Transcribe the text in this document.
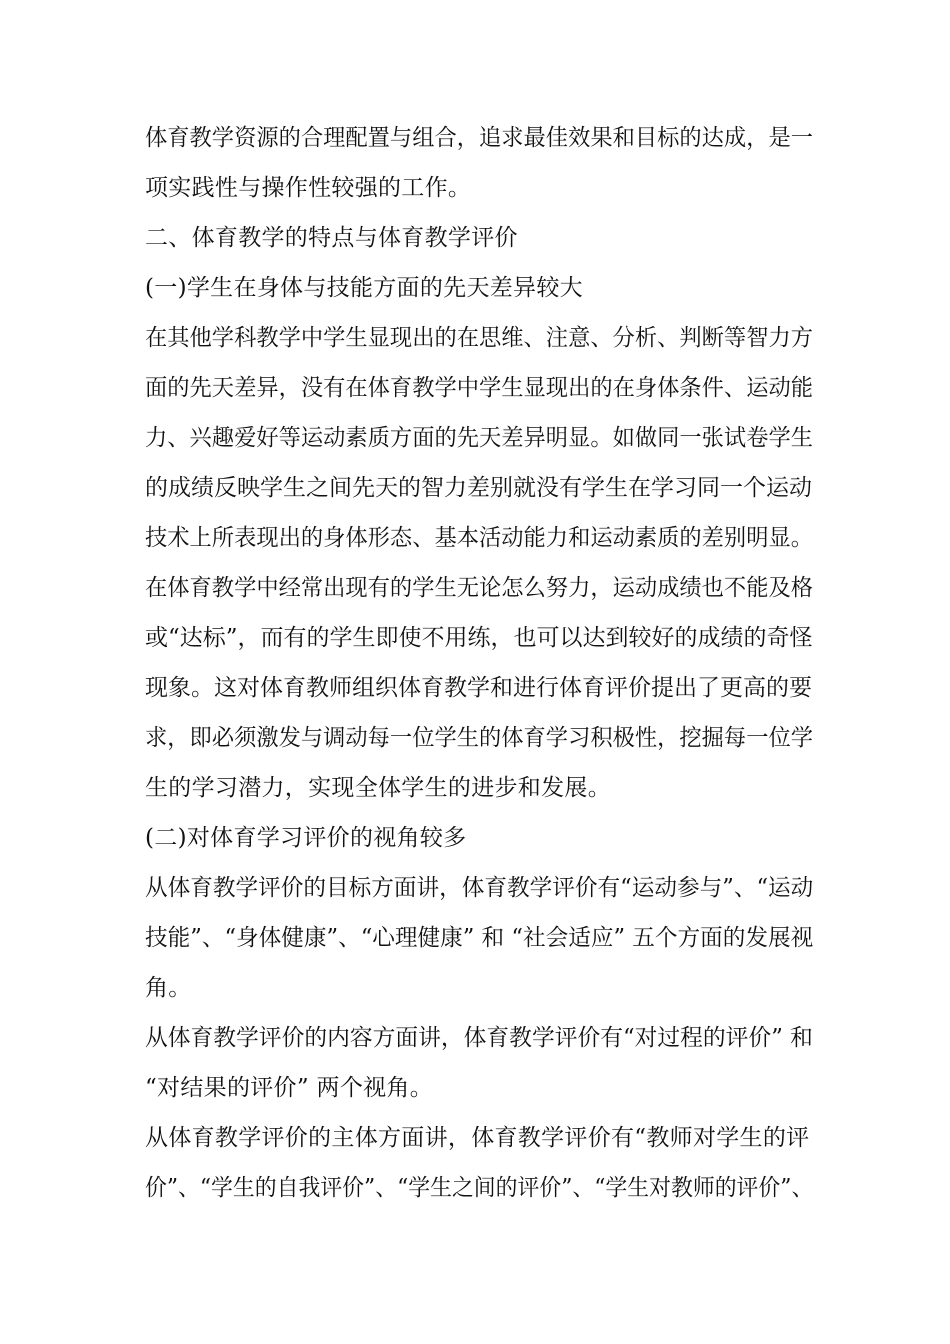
体育教学资源的合理配置与组合，追求最佳效果和目标的达成，是一
项实践性与操作性较强的工作。
二、体育教学的特点与体育教学评价
(一)学生在身体与技能方面的先天差异较大
在其他学科教学中学生显现出的在思维、注意、分析、判断等智力方
面的先天差异，没有在体育教学中学生显现出的在身体条件、运动能
力、兴趣爱好等运动素质方面的先天差异明显。如做同一张试卷学生
的成绩反映学生之间先天的智力差别就没有学生在学习同一个运动
技术上所表现出的身体形态、基本活动能力和运动素质的差别明显。
在体育教学中经常出现有的学生无论怎么努力，运动成绩也不能及格
或“达标”，而有的学生即使不用练，也可以达到较好的成绩的奇怪
现象。这对体育教师组织体育教学和进行体育评价提出了更高的要
求，即必须激发与调动每一位学生的体育学习积极性，挖掘每一位学
生的学习潜力，实现全体学生的进步和发展。
(二)对体育学习评价的视角较多
从体育教学评价的目标方面讲，体育教学评价有“运动参与”、“运动
技能”、“身体健康”、“心理健康” 和 “社会适应” 五个方面的发展视
角。
从体育教学评价的内容方面讲，体育教学评价有“对过程的评价” 和
“对结果的评价” 两个视角。
从体育教学评价的主体方面讲，体育教学评价有“教师对学生的评
价”、“学生的自我评价”、“学生之间的评价”、“学生对教师的评价”、
